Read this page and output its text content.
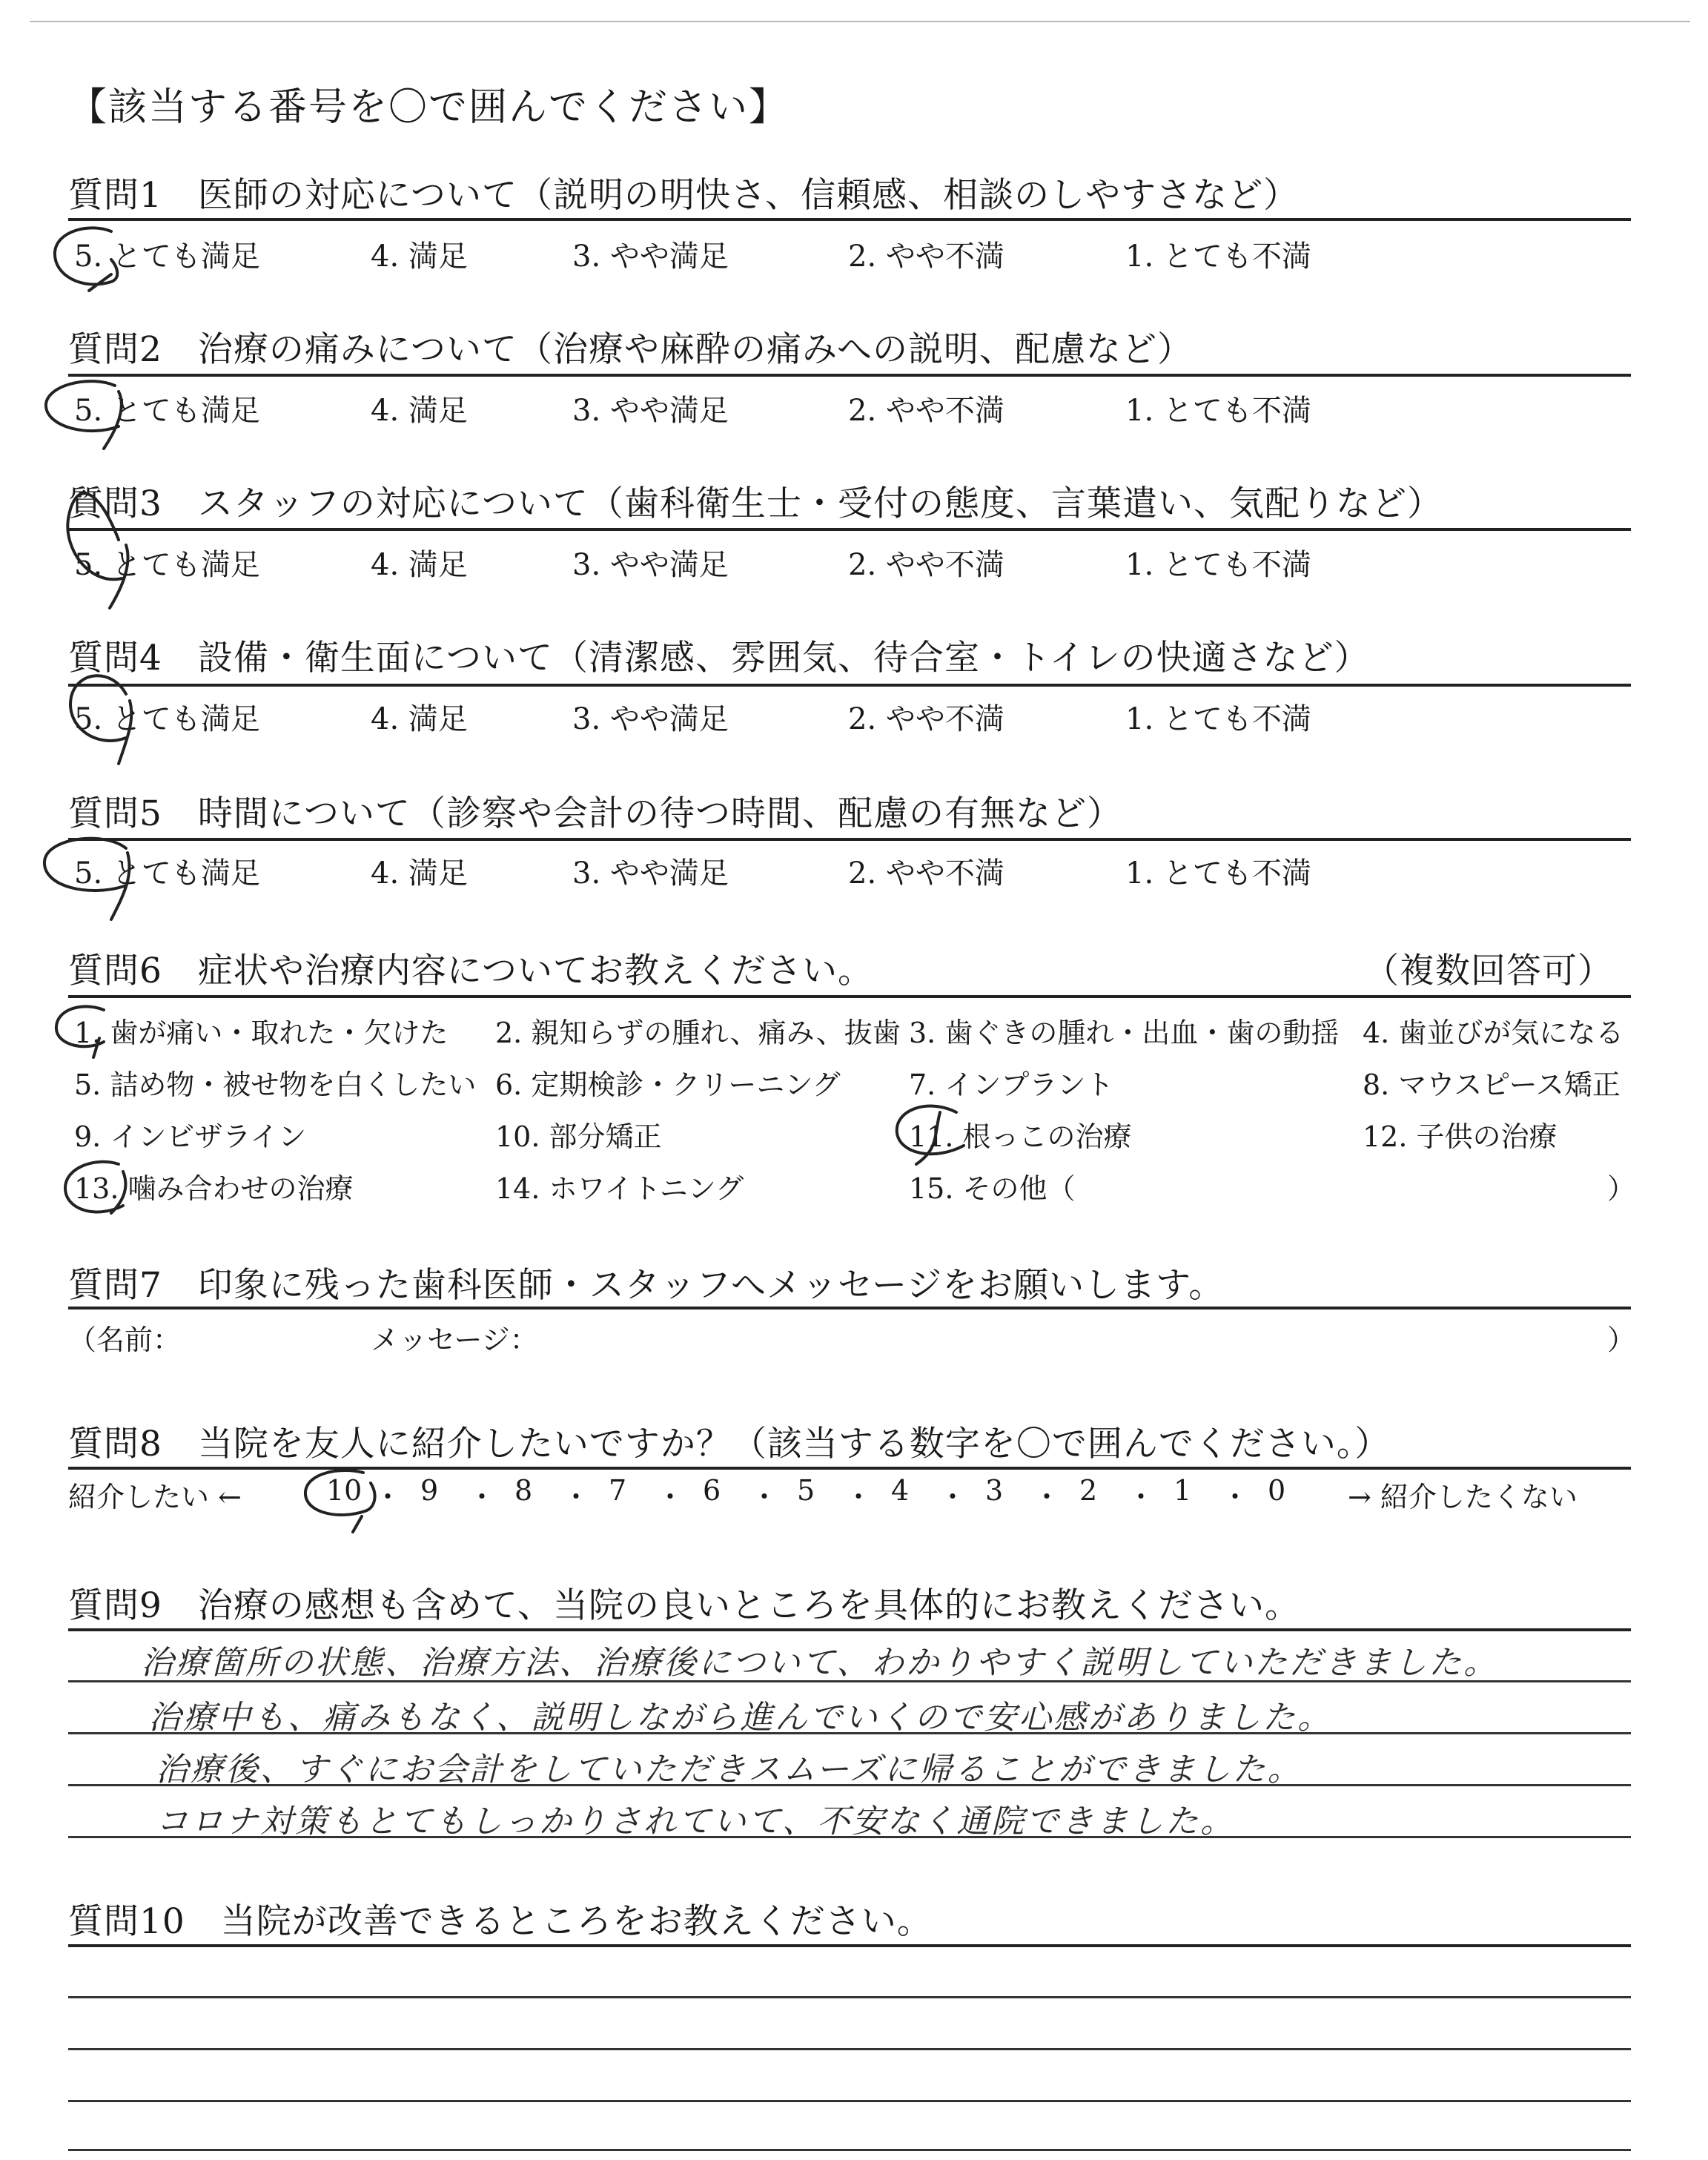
【該当する番号を〇で囲んでください】
質問1　医師の対応について（説明の明快さ、信頼感、相談のしやすさなど）
5. とても満足	4. 満足	3. やや満足	2. やや不満	1. とても不満
質問2　治療の痛みについて（治療や麻酔の痛みへの説明、配慮など）
5. とても満足	4. 満足	3. やや満足	2. やや不満	1. とても不満
質問3　スタッフの対応について（歯科衛生士・受付の態度、言葉遣い、気配りなど）
5. とても満足	4. 満足	3. やや満足	2. やや不満	1. とても不満
質問4　設備・衛生面について（清潔感、雰囲気、待合室・トイレの快適さなど）
5. とても満足	4. 満足	3. やや満足	2. やや不満	1. とても不満
質問5　時間について（診察や会計の待つ時間、配慮の有無など）
5. とても満足	4. 満足	3. やや満足	2. やや不満	1. とても不満
質問6　症状や治療内容についてお教えください。	（複数回答可）
1. 歯が痛い・取れた・欠けた 2. 親知らずの腫れ、痛み、抜歯 3. 歯ぐきの腫れ・出血・歯の動揺 4. 歯並びが気になる
5. 詰め物・被せ物を白くしたい 6. 定期検診・クリーニング 7. インプラント	8. マウスピース矯正
9. インビザライン	10. 部分矯正	11. 根っこの治療	12. 子供の治療
13. 噛み合わせの治療	14. ホワイトニング	15. その他（	）
質問7　印象に残った歯科医師・スタッフへメッセージをお願いします。
（名前：	メッセージ：	）
質問8　当院を友人に紹介したいですか？（該当する数字を〇で囲んでください。）
紹介したい ←	10 ・ 9 ・ 8 ・ 7 ・ 6 ・ 5 ・ 4 ・ 3 ・ 2 ・ 1 ・ 0 → 紹介したくない
質問9　治療の感想も含めて、当院の良いところを具体的にお教えください。
治療箇所の状態、治療方法、治療後について、わかりやすく説明していただきました。
治療中も、痛みもなく、説明しながら進んでいくので安心感がありました。
治療後、すぐにお会計をしていただきスムーズに帰ることができました。
コロナ対策もとてもしっかりされていて、不安なく通院できました。
質問10　当院が改善できるところをお教えください。
